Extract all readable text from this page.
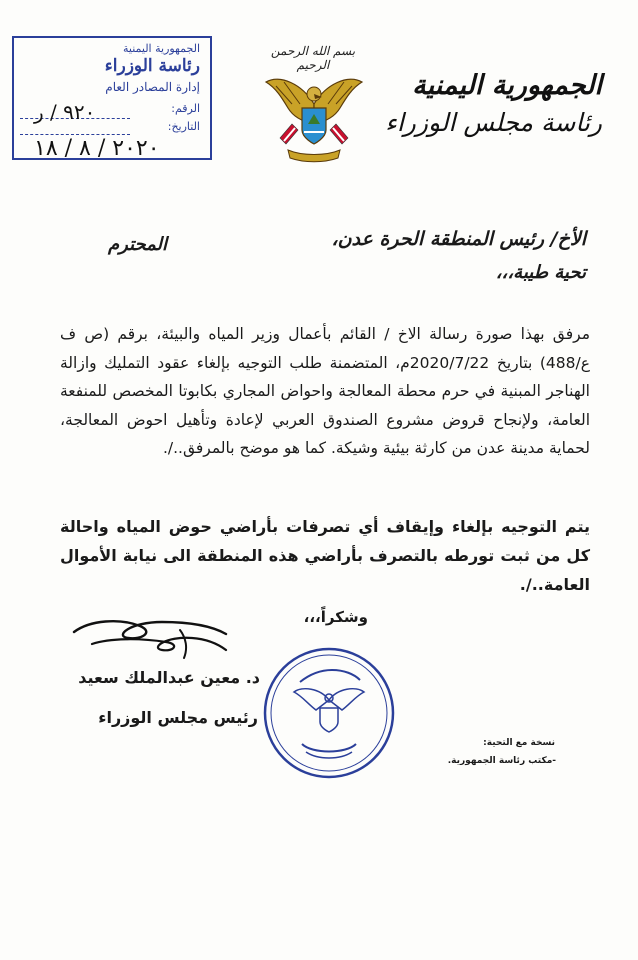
الجمهورية اليمنية
رئاسة الوزراء
إدارة المصادر العام
الرقم:
التاريخ:
٩٢٠ / ر
٢٠٢٠ / ٨ / ١٨
بسم الله الرحمن الرحيم
الجمهورية اليمنية
رئاسة مجلس الوزراء
الأخ/ رئيس المنطقة الحرة عدن،
المحترم
تحية طيبة،،،
مرفق بهذا صورة رسالة الاخ / القائم بأعمال وزير المياه والبيئة، برقم (ص ف ع/488) بتاريخ 2020/7/22م، المتضمنة طلب التوجيه بإلغاء عقود التمليك وازالة الهناجر المبنية في حرم محطة المعالجة واحواض المجاري بكابوتا المخصص للمنفعة العامة، ولإنجاح قروض مشروع الصندوق العربي لإعادة وتأهيل احوض المعالجة، لحماية مدينة عدن من كارثة بيئية وشيكة. كما هو موضح بالمرفق../.
يتم التوجيه بإلغاء وإيقاف أي تصرفات بأراضي حوض المياه واحالة كل من ثبت تورطه بالتصرف بأراضي هذه المنطقة الى نيابة الأموال العامة../.
وشكراً،،،
د. معين عبدالملك سعيد
رئيس مجلس الوزراء
نسخة مع التحية:
-مكتب رئاسة الجمهورية.
